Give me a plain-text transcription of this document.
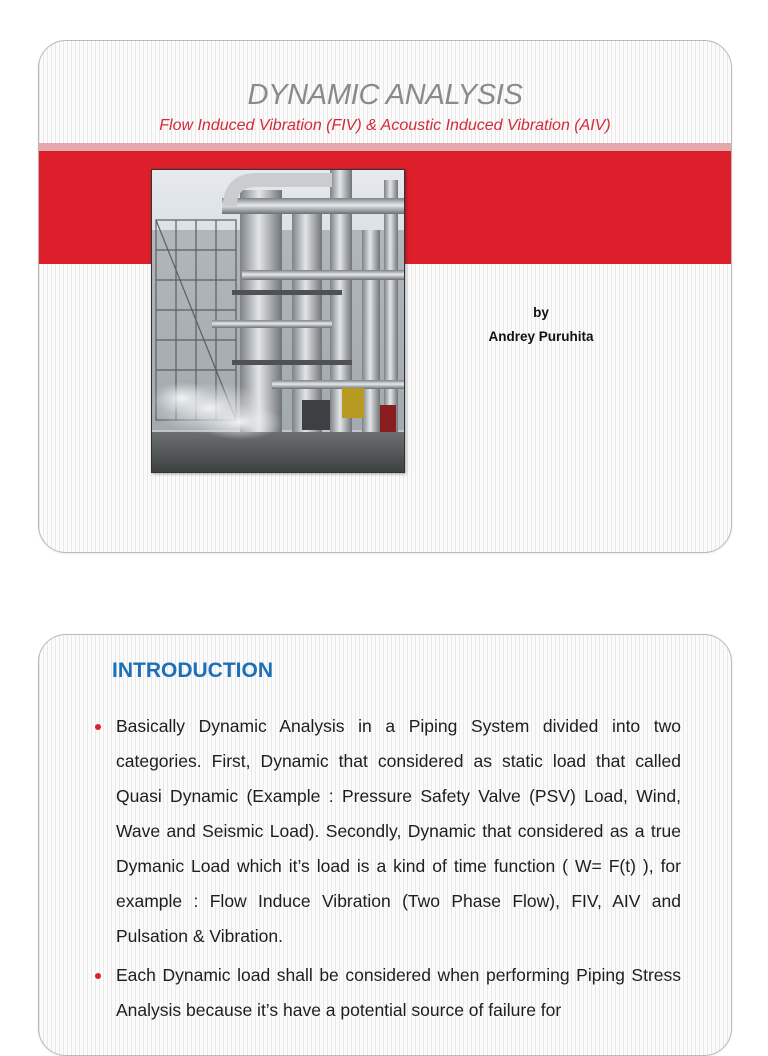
DYNAMIC ANALYSIS
Flow Induced Vibration (FIV) & Acoustic Induced Vibration (AIV)
by
Andrey Puruhita
INTRODUCTION
Basically Dynamic Analysis in a Piping System divided into two categories. First, Dynamic that considered as static load that called Quasi Dynamic (Example : Pressure Safety Valve (PSV) Load, Wind, Wave and Seismic Load). Secondly, Dynamic that considered as a true Dymanic Load which it’s load is a kind of time function ( W= F(t) ), for example : Flow Induce Vibration (Two Phase Flow), FIV, AIV and Pulsation & Vibration.
Each Dynamic load shall be considered when performing Piping Stress Analysis because it’s have a potential source of failure for
